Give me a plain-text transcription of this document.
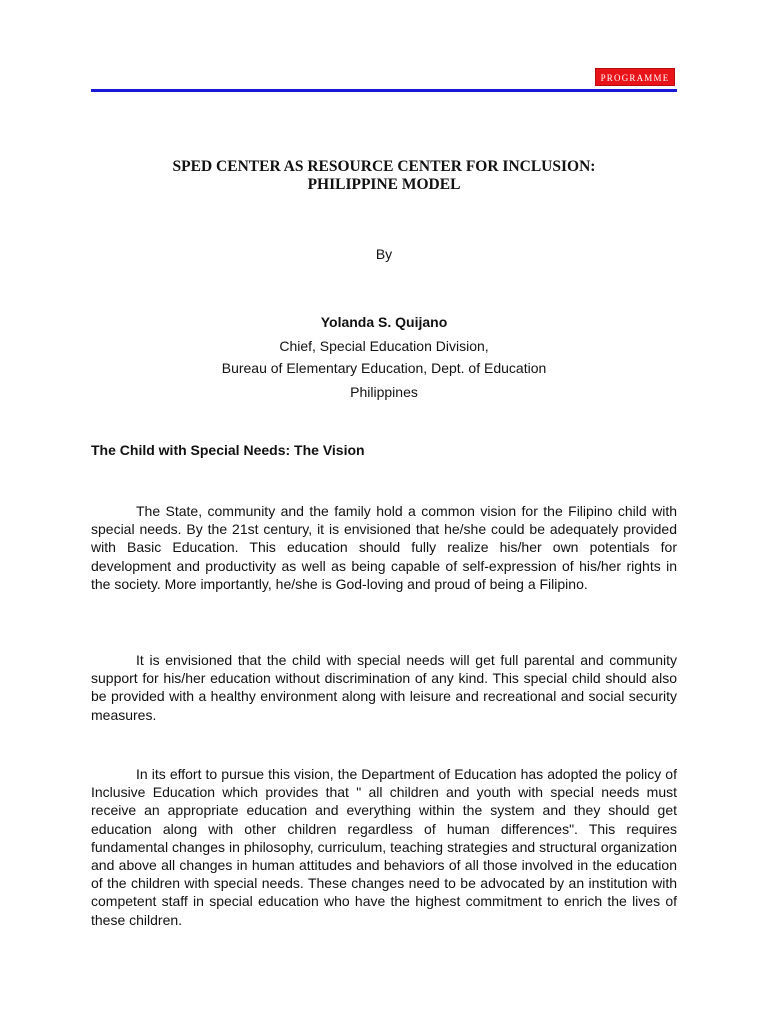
PROGRAMME
SPED CENTER AS RESOURCE CENTER FOR INCLUSION:
PHILIPPINE MODEL
By
Yolanda S. Quijano
Chief, Special Education Division,
Bureau of Elementary Education, Dept. of Education
Philippines
The Child with Special Needs: The Vision

The State, community and the family hold a common vision for the Filipino child with special needs. By the 21st century, it is envisioned that he/she could be adequately provided with Basic Education. This education should fully realize his/her own potentials for development and productivity as well as being capable of self-expression of his/her rights in the society. More importantly, he/she is God-loving and proud of being a Filipino.

It is envisioned that the child with special needs will get full parental and community support for his/her education without discrimination of any kind. This special child should also be provided with a healthy environment along with leisure and recreational and social security measures.

In its effort to pursue this vision, the Department of Education has adopted the policy of Inclusive Education which provides that " all children and youth with special needs must receive an appropriate education and everything within the system and they should get education along with other children regardless of human differences". This requires fundamental changes in philosophy, curriculum, teaching strategies and structural organization and above all changes in human attitudes and behaviors of all those involved in the education of the children with special needs. These changes need to be advocated by an institution with competent staff in special education who have the highest commitment to enrich the lives of these children.
